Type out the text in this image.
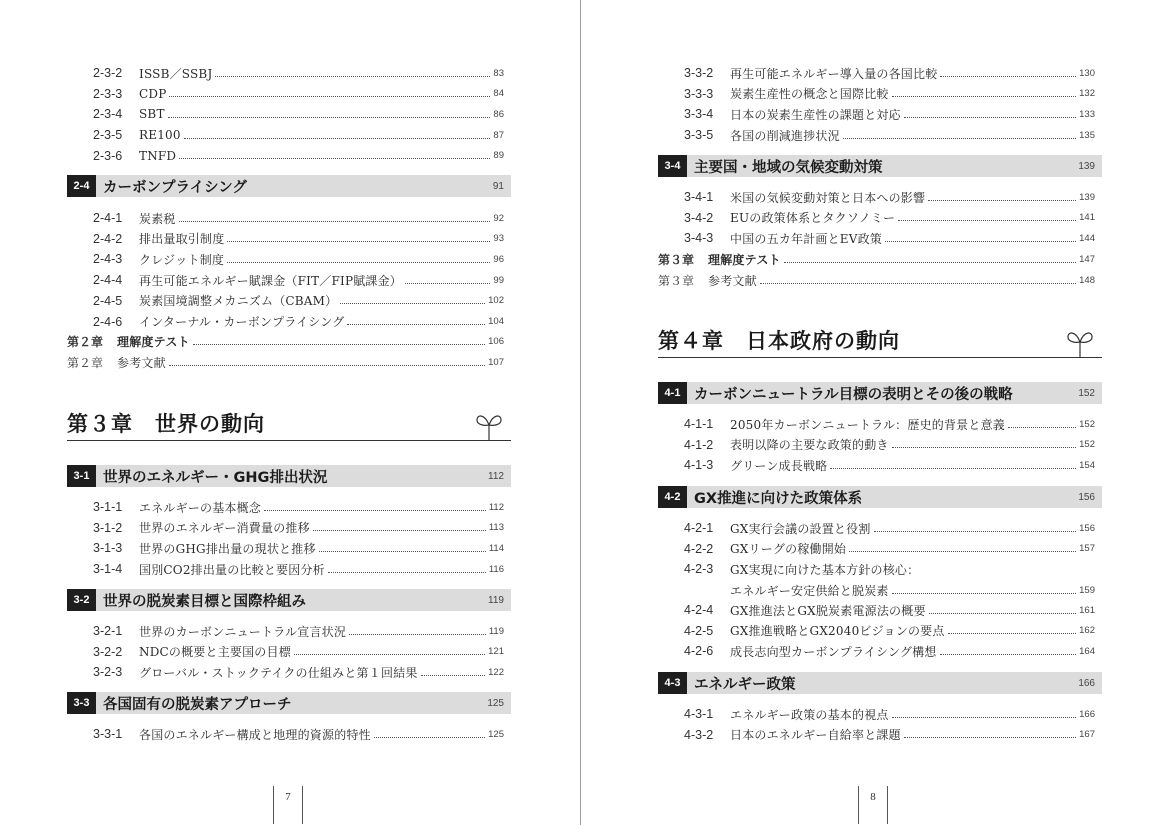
2-3-2	ISSB／SSBJ	83
2-3-3	CDP	84
2-3-4	SBT	86
2-3-5	RE100	87
2-3-6	TNFD	89
2-4 カーボンプライシング	91
2-4-1	炭素税	92
2-4-2	排出量取引制度	93
2-4-3	クレジット制度	96
2-4-4	再生可能エネルギー賦課金（FIT／FIP賦課金）	99
2-4-5	炭素国境調整メカニズム（CBAM）	102
2-4-6	インターナル・カーボンプライシング	104
第２章 理解度テスト	106
第２章 参考文献	107
第３章　世界の動向
3-1 世界のエネルギー・GHG排出状況	112
3-1-1	エネルギーの基本概念	112
3-1-2	世界のエネルギー消費量の推移	113
3-1-3	世界のGHG排出量の現状と推移	114
3-1-4	国別CO2排出量の比較と要因分析	116
3-2 世界の脱炭素目標と国際枠組み	119
3-2-1	世界のカーボンニュートラル宣言状況	119
3-2-2	NDCの概要と主要国の目標	121
3-2-3	グローバル・ストックテイクの仕組みと第１回結果	122
3-3 各国固有の脱炭素アプローチ	125
3-3-1	各国のエネルギー構成と地理的資源的特性	125
7
3-3-2	再生可能エネルギー導入量の各国比較	130
3-3-3	炭素生産性の概念と国際比較	132
3-3-4	日本の炭素生産性の課題と対応	133
3-3-5	各国の削減進捗状況	135
3-4 主要国・地域の気候変動対策	139
3-4-1	米国の気候変動対策と日本への影響	139
3-4-2	EUの政策体系とタクソノミー	141
3-4-3	中国の五カ年計画とEV政策	144
第３章 理解度テスト	147
第３章 参考文献	148
第４章　日本政府の動向
4-1 カーボンニュートラル目標の表明とその後の戦略	152
4-1-1	2050年カーボンニュートラル：歴史的背景と意義	152
4-1-2	表明以降の主要な政策的動き	152
4-1-3	グリーン成長戦略	154
4-2 GX推進に向けた政策体系	156
4-2-1	GX実行会議の設置と役割	156
4-2-2	GXリーグの稼働開始	157
4-2-3	GX実現に向けた基本方針の核心：
エネルギー安定供給と脱炭素	159
4-2-4	GX推進法とGX脱炭素電源法の概要	161
4-2-5	GX推進戦略とGX2040ビジョンの要点	162
4-2-6	成長志向型カーボンプライシング構想	164
4-3 エネルギー政策	166
4-3-1	エネルギー政策の基本的視点	166
4-3-2	日本のエネルギー自給率と課題	167
8
